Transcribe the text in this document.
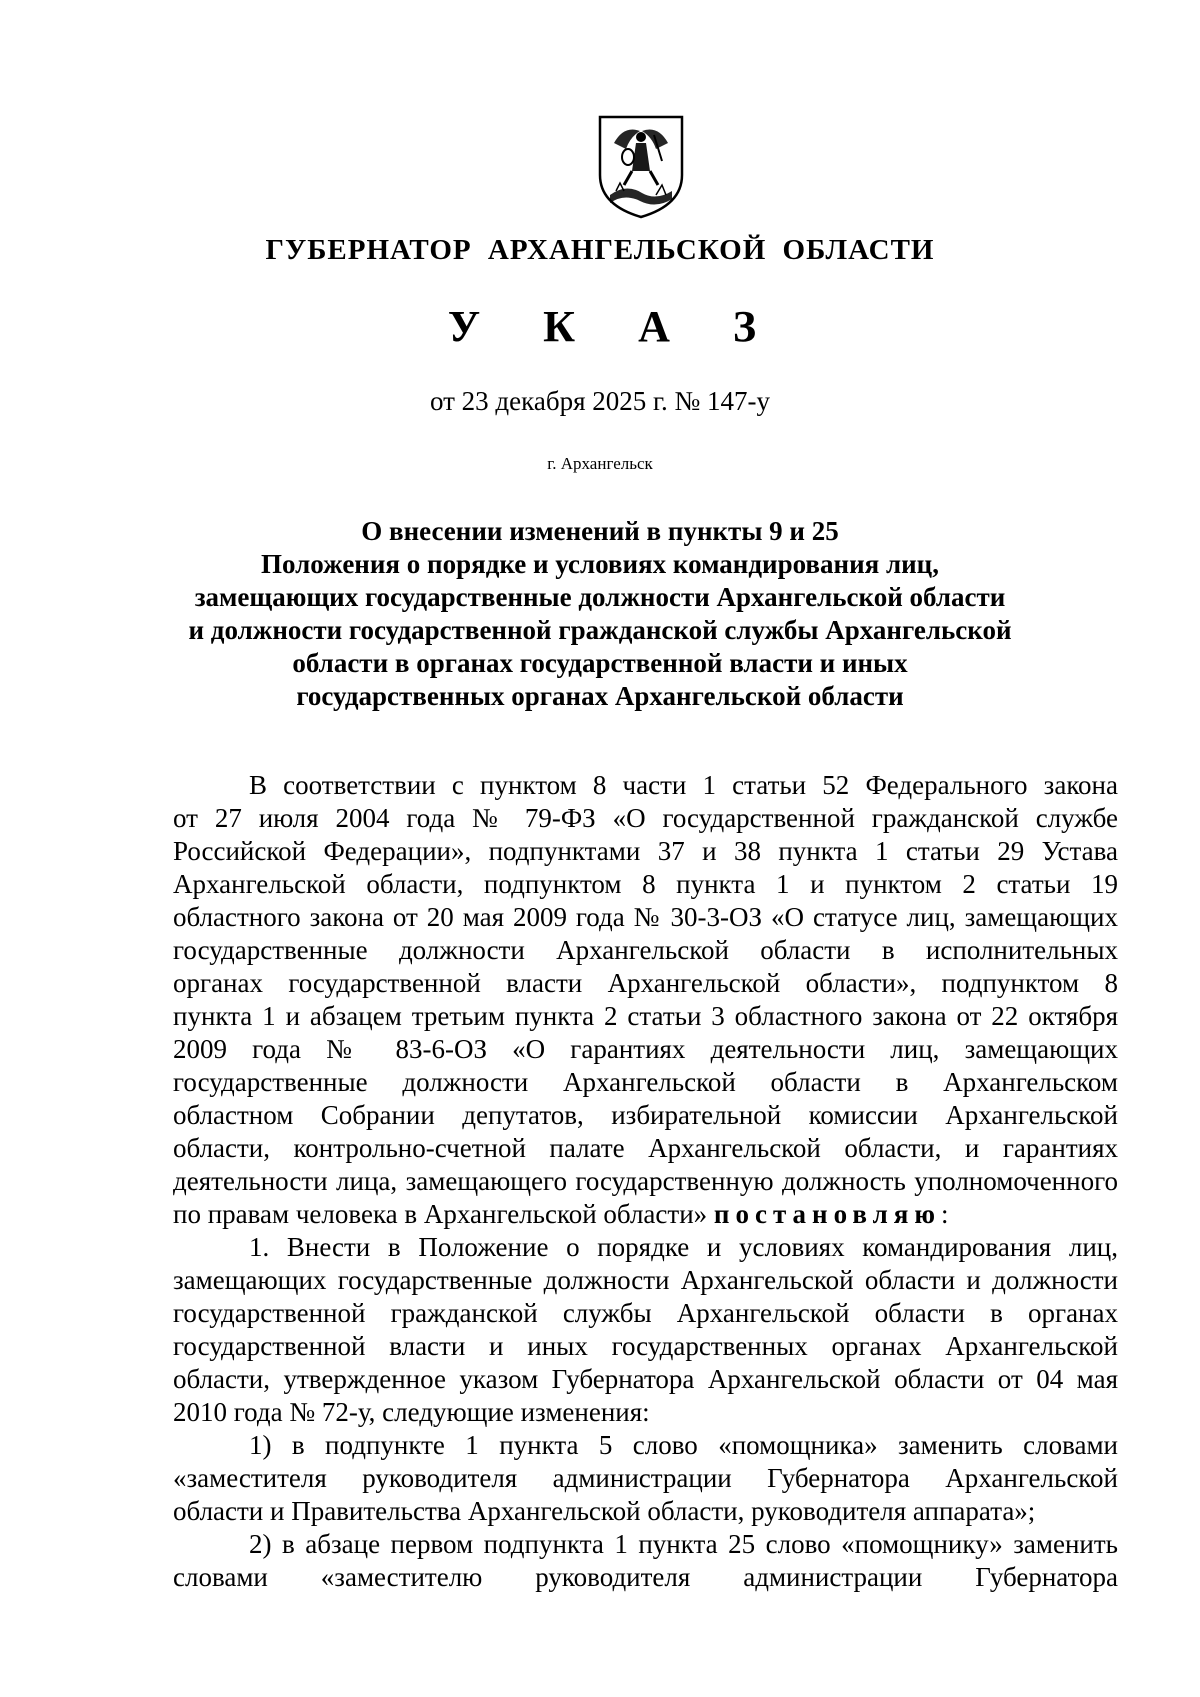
ГУБЕРНАТОР АРХАНГЕЛЬСКОЙ ОБЛАСТИ
У К А З
от 23 декабря 2025 г. № 147-у
г. Архангельск
О внесении изменений в пункты 9 и 25
Положения о порядке и условиях командирования лиц,
замещающих государственные должности Архангельской области
и должности государственной гражданской службы Архангельской
области в органах государственной власти и иных
государственных органах Архангельской области
В соответствии с пунктом 8 части 1 статьи 52 Федерального закона
от 27 июля 2004 года № 79-ФЗ «О государственной гражданской службе
Российской Федерации», подпунктами 37 и 38 пункта 1 статьи 29 Устава
Архангельской области, подпунктом 8 пункта 1 и пунктом 2 статьи 19
областного закона от 20 мая 2009 года № 30-3-ОЗ «О статусе лиц, замещающих
государственные должности Архангельской области в исполнительных
органах государственной власти Архангельской области», подпунктом 8
пункта 1 и абзацем третьим пункта 2 статьи 3 областного закона от 22 октября
2009 года № 83-6-ОЗ «О гарантиях деятельности лиц, замещающих
государственные должности Архангельской области в Архангельском
областном Собрании депутатов, избирательной комиссии Архангельской
области, контрольно-счетной палате Архангельской области, и гарантиях
деятельности лица, замещающего государственную должность уполномоченного
по правам человека в Архангельской области» постановляю:
1. Внести в Положение о порядке и условиях командирования лиц,
замещающих государственные должности Архангельской области и должности
государственной гражданской службы Архангельской области в органах
государственной власти и иных государственных органах Архангельской
области, утвержденное указом Губернатора Архангельской области от 04 мая
2010 года № 72-у, следующие изменения:
1) в подпункте 1 пункта 5 слово «помощника» заменить словами
«заместителя руководителя администрации Губернатора Архангельской
области и Правительства Архангельской области, руководителя аппарата»;
2) в абзаце первом подпункта 1 пункта 25 слово «помощнику» заменить
словами «заместителю руководителя администрации Губернатора
